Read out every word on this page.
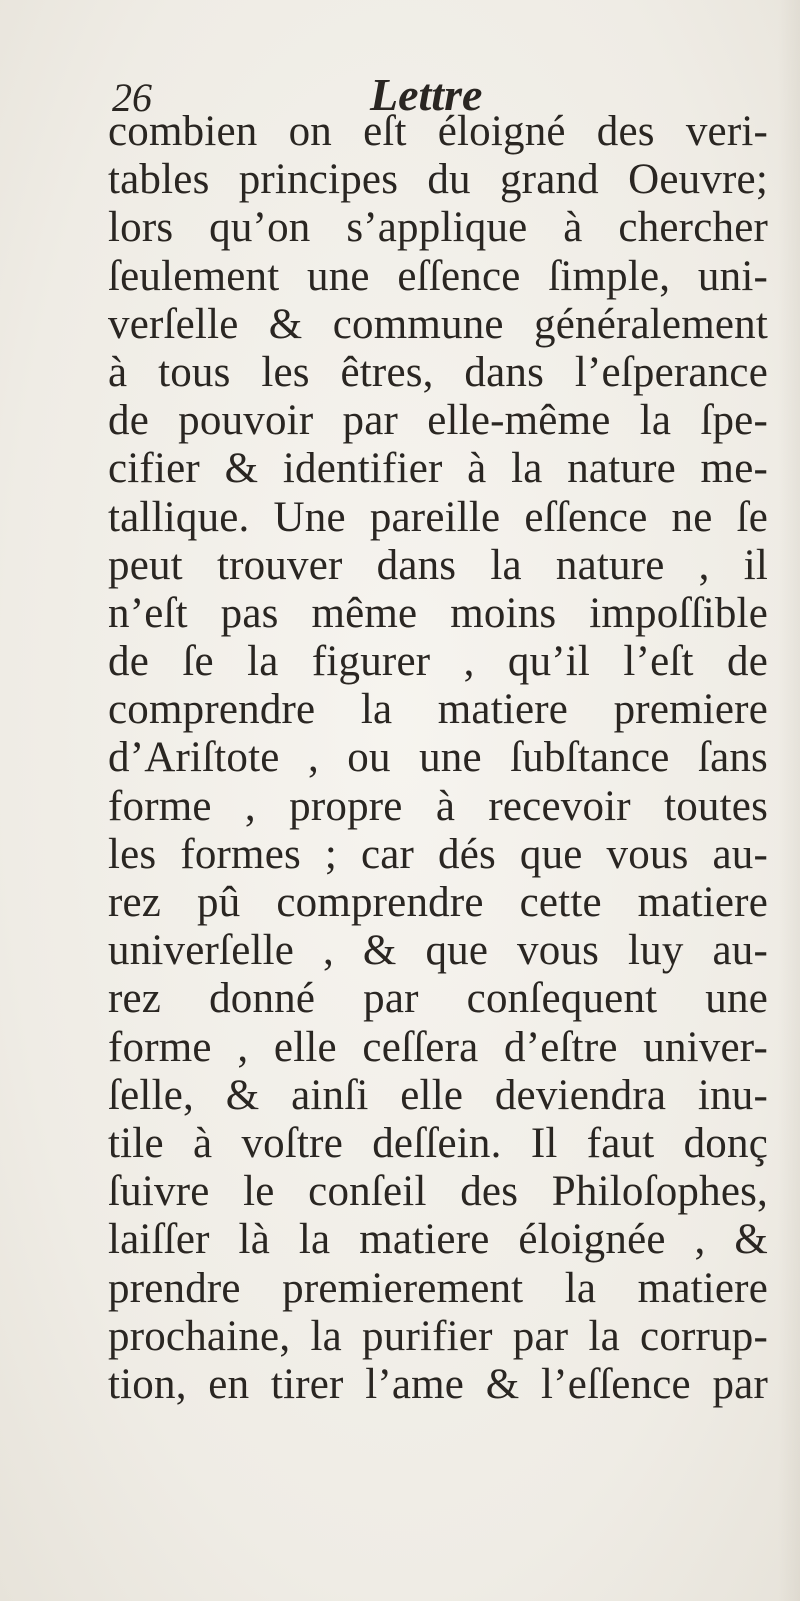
26	Lettre
combien on eſt éloigné des veri-
tables principes du grand Oeuvre;
lors qu’on s’applique à chercher
ſeulement une eſſence ſimple, uni-
verſelle & commune généralement
à tous les êtres, dans l’eſperance
de pouvoir par elle-même la ſpe-
cifier & identifier à la nature me-
tallique. Une pareille eſſence ne ſe
peut trouver dans la nature , il
n’eſt pas même moins impoſſible
de ſe la figurer , qu’il l’eſt de
comprendre la matiere premiere
d’Ariſtote , ou une ſubſtance ſans
forme , propre à recevoir toutes
les formes ; car dés que vous au-
rez pû comprendre cette matiere
univerſelle , & que vous luy au-
rez donné par conſequent une
forme , elle ceſſera d’eſtre univer-
ſelle, & ainſi elle deviendra inu-
tile à voſtre deſſein. Il faut donç
ſuivre le conſeil des Philoſophes,
laiſſer là la matiere éloignée , &
prendre premierement la matiere
prochaine, la purifier par la corrup-
tion, en tirer l’ame & l’eſſence par
